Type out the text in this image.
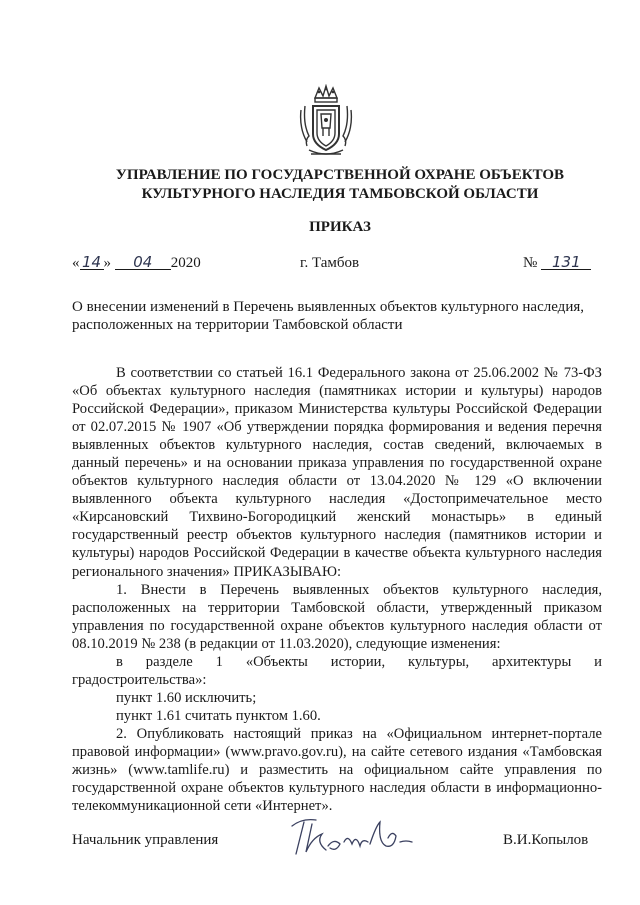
УПРАВЛЕНИЕ ПО ГОСУДАРСТВЕННОЙ ОХРАНЕ ОБЪЕКТОВ
КУЛЬТУРНОГО НАСЛЕДИЯ ТАМБОВСКОЙ ОБЛАСТИ
ПРИКАЗ
« 14 » 04 2020	г. Тамбов	№ 131
О внесении изменений в Перечень выявленных объектов культурного наследия, расположенных на территории Тамбовской области

В соответствии со статьей 16.1 Федерального закона от 25.06.2002 № 73-ФЗ «Об объектах культурного наследия (памятниках истории и культуры) народов Российской Федерации», приказом Министерства культуры Российской Федерации от 02.07.2015 № 1907 «Об утверждении порядка формирования и ведения перечня выявленных объектов культурного наследия, состав сведений, включаемых в данный перечень» и на основании приказа управления по государственной охране объектов культурного наследия области от 13.04.2020 № 129 «О включении выявленного объекта культурного наследия «Достопримечательное место «Кирсановский Тихвино-Богородицкий женский монастырь» в единый государственный реестр объектов культурного наследия (памятников истории и культуры) народов Российской Федерации в качестве объекта культурного наследия регионального значения» ПРИКАЗЫВАЮ:

1. Внести в Перечень выявленных объектов культурного наследия, расположенных на территории Тамбовской области, утвержденный приказом управления по государственной охране объектов культурного наследия области от 08.10.2019 № 238 (в редакции от 11.03.2020), следующие изменения:

в разделе 1 «Объекты истории, культуры, архитектуры и градостроительства»:

пункт 1.60 исключить;

пункт 1.61 считать пунктом 1.60.

2. Опубликовать настоящий приказ на «Официальном интернет-портале правовой информации» (www.pravo.gov.ru), на сайте сетевого издания «Тамбовская жизнь» (www.tamlife.ru) и разместить на официальном сайте управления по государственной охране объектов культурного наследия области в информационно-телекоммуникационной сети «Интернет».

Начальник управления	В.И.Копылов
